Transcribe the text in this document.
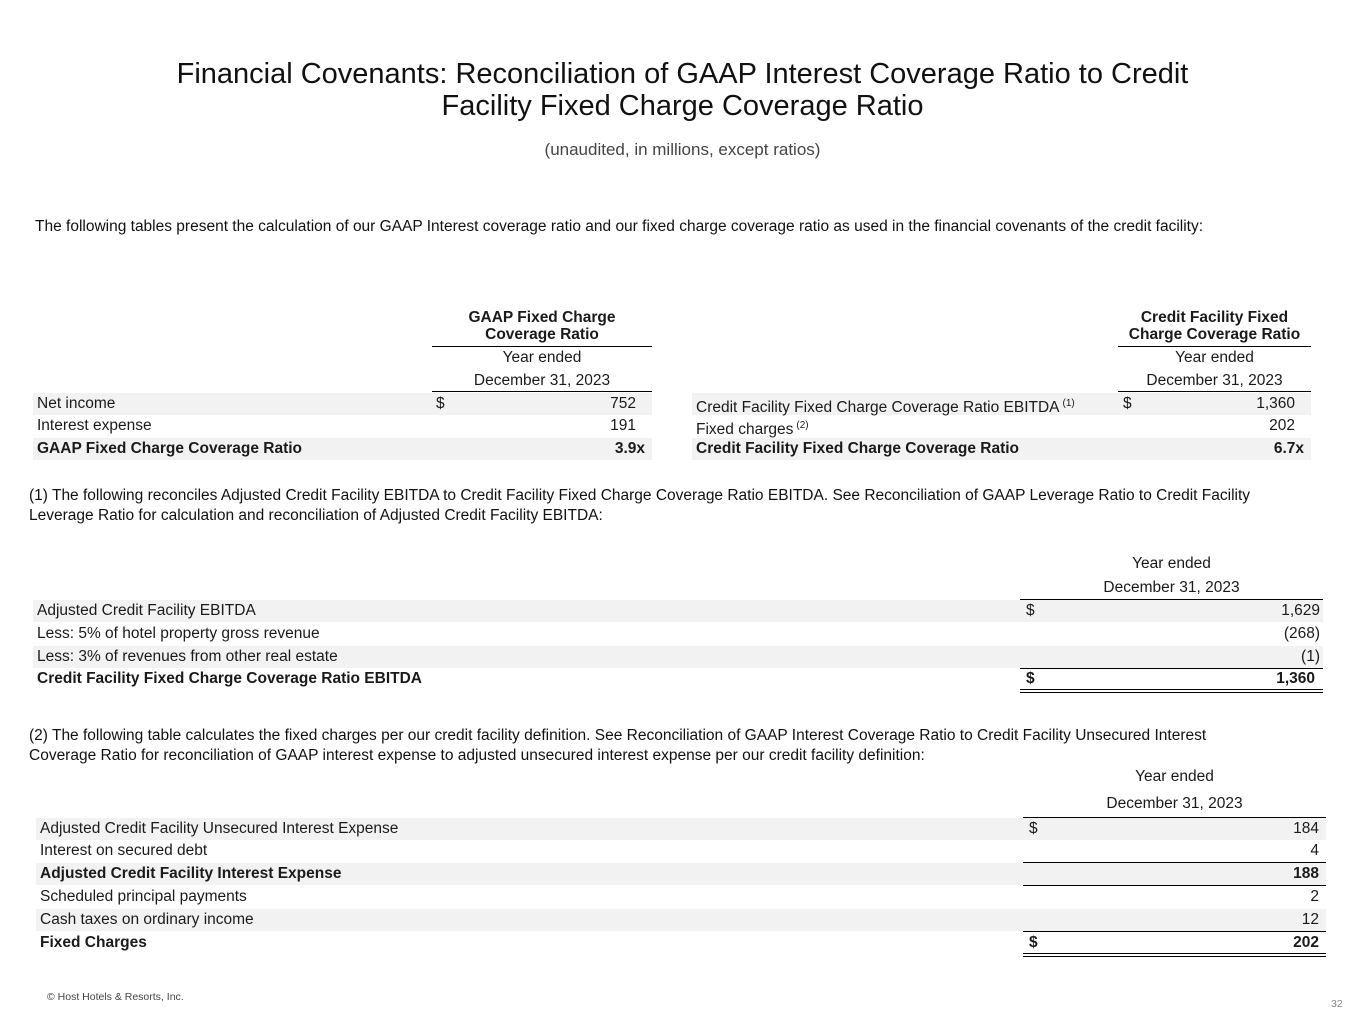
Financial Covenants: Reconciliation of GAAP Interest Coverage Ratio to Credit
Facility Fixed Charge Coverage Ratio
(unaudited, in millions, except ratios)
The following tables present the calculation of our GAAP Interest coverage ratio and our fixed charge coverage ratio as used in the financial covenants of the credit facility:
GAAP Fixed Charge
Coverage Ratio
Year ended
December 31, 2023
Net income	$	752
Interest expense	191
GAAP Fixed Charge Coverage Ratio	3.9x
Credit Facility Fixed
Charge Coverage Ratio
Year ended
December 31, 2023
Credit Facility Fixed Charge Coverage Ratio EBITDA $^{(1)}$	$	1,360
Fixed charges $^{(2)}$	202
Credit Facility Fixed Charge Coverage Ratio	6.7x
(1) The following reconciles Adjusted Credit Facility EBITDA to Credit Facility Fixed Charge Coverage Ratio EBITDA. See Reconciliation of GAAP Leverage Ratio to Credit Facility
Leverage Ratio for calculation and reconciliation of Adjusted Credit Facility EBITDA:
Year ended
December 31, 2023
Adjusted Credit Facility EBITDA	$	1,629
Less: 5% of hotel property gross revenue	(268)
Less: 3% of revenues from other real estate	(1)
Credit Facility Fixed Charge Coverage Ratio EBITDA	$	1,360
(2) The following table calculates the fixed charges per our credit facility definition. See Reconciliation of GAAP Interest Coverage Ratio to Credit Facility Unsecured Interest
Coverage Ratio for reconciliation of GAAP interest expense to adjusted unsecured interest expense per our credit facility definition:
Year ended
December 31, 2023
Adjusted Credit Facility Unsecured Interest Expense	$	184
Interest on secured debt	4
Adjusted Credit Facility Interest Expense	188
Scheduled principal payments	2
Cash taxes on ordinary income	12
Fixed Charges	$	202
© Host Hotels & Resorts, Inc.
32
